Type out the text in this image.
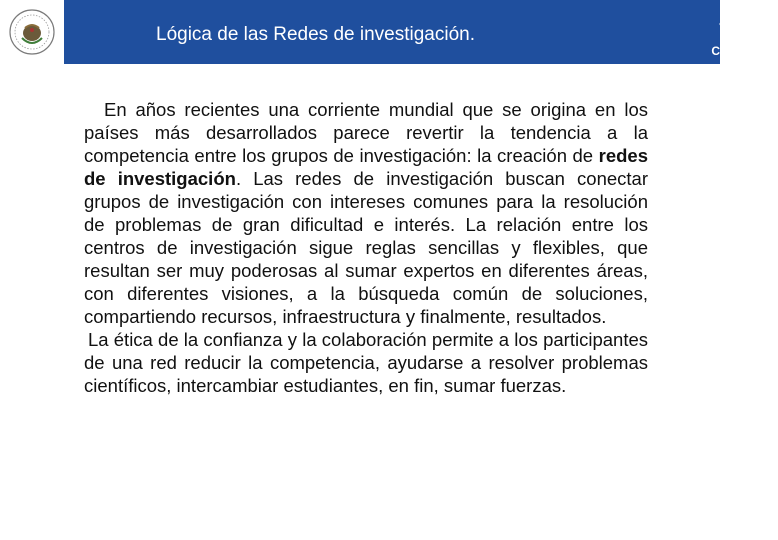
Lógica de las Redes de investigación.
CONACYT

En años recientes una corriente mundial que se origina en los países más desarrollados parece revertir la tendencia a la competencia entre los grupos de investigación: la creación de redes de investigación. Las redes de investigación buscan conectar grupos de investigación con intereses comunes para la resolución de problemas de gran dificultad e interés. La relación entre los centros de investigación sigue reglas sencillas y flexibles, que resultan ser muy poderosas al sumar expertos en diferentes áreas, con diferentes visiones, a la búsqueda común de soluciones, compartiendo recursos, infraestructura y finalmente, resultados.

La ética de la confianza y la colaboración permite a los participantes de una red reducir la competencia, ayudarse a resolver problemas científicos, intercambiar estudiantes, en fin, sumar fuerzas.
